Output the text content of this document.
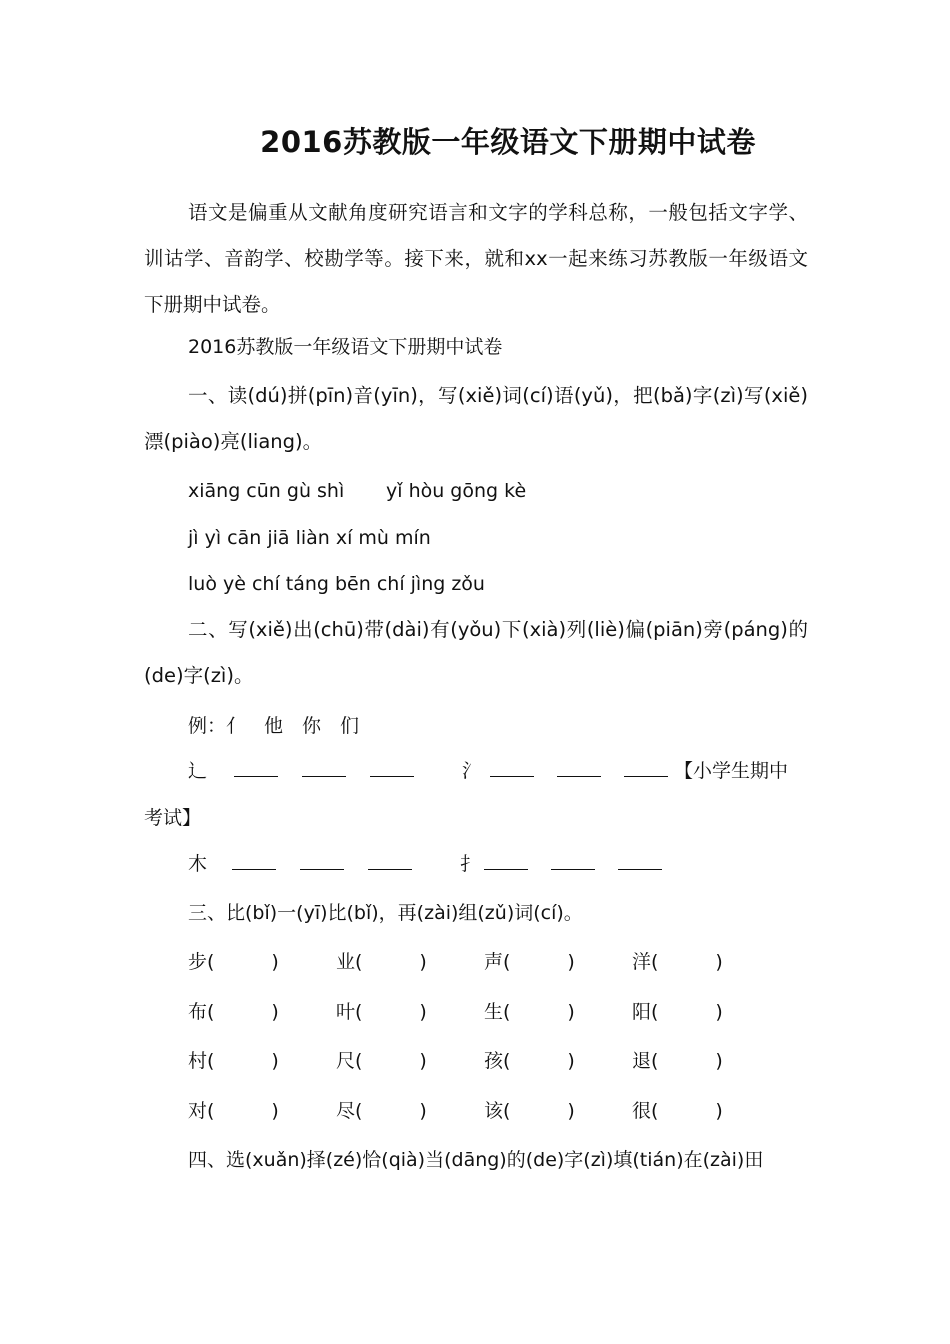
2016苏教版一年级语文下册期中试卷

语文是偏重从文献角度研究语言和文字的学科总称，一般包括文字学、训诂学、音韵学、校勘学等。接下来，就和xx一起来练习苏教版一年级语文下册期中试卷。

2016苏教版一年级语文下册期中试卷

一、读(dú)拼(pīn)音(yīn)，写(xiě)词(cí)语(yǔ)，把(bǎ)字(zì)写(xiě)漂(piào)亮(liang)。

xiāng cūn gù shì yǐ hòu gōng kè
jì yì cān jiā liàn xí mù mín
luò yè chí táng bēn chí jìng zǒu

二、写(xiě)出(chū)带(dài)有(yǒu)下(xià)列(liè)偏(piān)旁(páng)的(de)字(zì)。

例：亻　他　你　们
辶	氵	【小学生期中
考试】
木	扌
三、比(bǐ)一(yī)比(bǐ)，再(zài)组(zǔ)词(cí)。
步(　　　)	业(　　　)	声(　　　)	洋(　　　)
布(　　　)	叶(　　　)	生(　　　)	阳(　　　)
村(　　　)	尺(　　　)	孩(　　　)	退(　　　)
对(　　　)	尽(　　　)	该(　　　)	很(　　　)
四、选(xuǎn)择(zé)恰(qià)当(dāng)的(de)字(zì)填(tián)在(zài)田
